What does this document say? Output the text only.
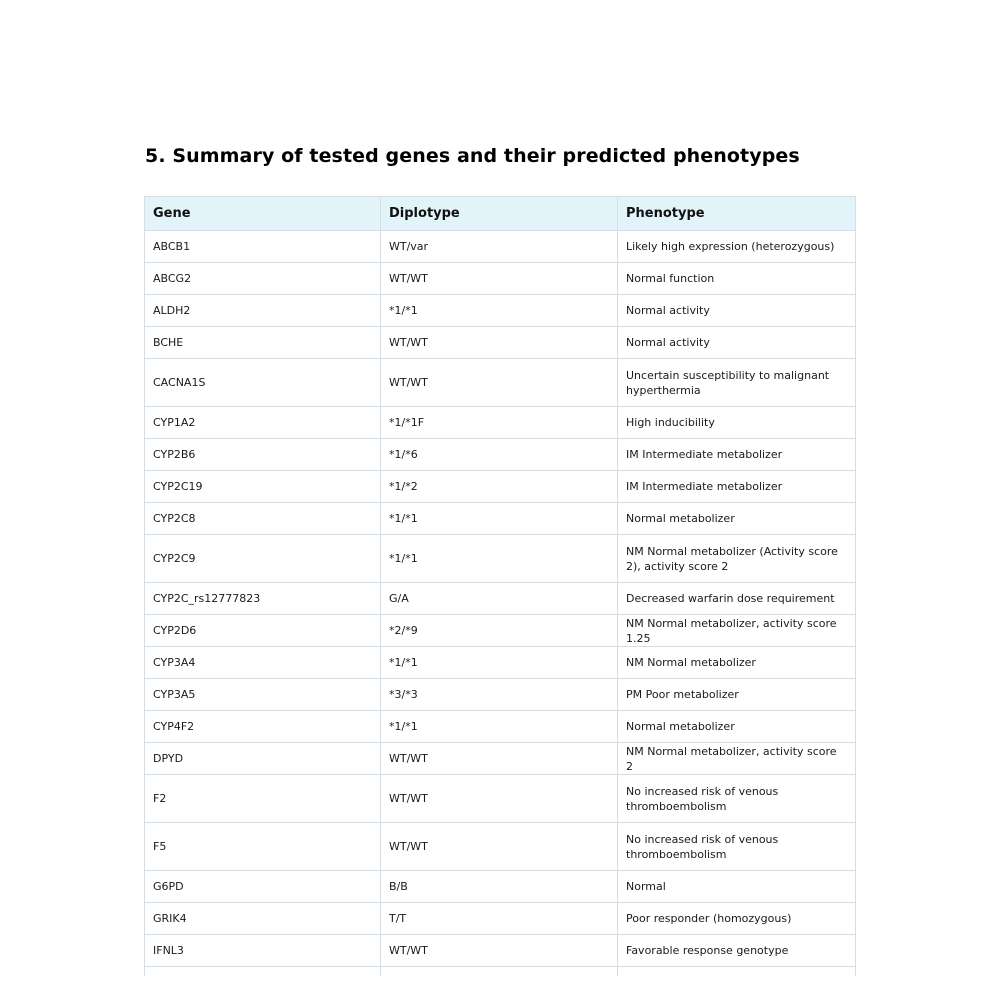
5. Summary of tested genes and their predicted phenotypes
Gene	Diplotype	Phenotype
ABCB1	WT/var	Likely high expression (heterozygous)
ABCG2	WT/WT	Normal function
ALDH2	*1/*1	Normal activity
BCHE	WT/WT	Normal activity
CACNA1S	WT/WT	Uncertain susceptibility to malignant hyperthermia
CYP1A2	*1/*1F	High inducibility
CYP2B6	*1/*6	IM Intermediate metabolizer
CYP2C19	*1/*2	IM Intermediate metabolizer
CYP2C8	*1/*1	Normal metabolizer
CYP2C9	*1/*1	NM Normal metabolizer (Activity score 2), activity score 2
CYP2C_rs12777823	G/A	Decreased warfarin dose requirement
CYP2D6	*2/*9	NM Normal metabolizer, activity score 1.25
CYP3A4	*1/*1	NM Normal metabolizer
CYP3A5	*3/*3	PM Poor metabolizer
CYP4F2	*1/*1	Normal metabolizer
DPYD	WT/WT	NM Normal metabolizer, activity score 2
F2	WT/WT	No increased risk of venous thromboembolism
F5	WT/WT	No increased risk of venous thromboembolism
G6PD	B/B	Normal
GRIK4	T/T	Poor responder (homozygous)
IFNL3	WT/WT	Favorable response genotype
